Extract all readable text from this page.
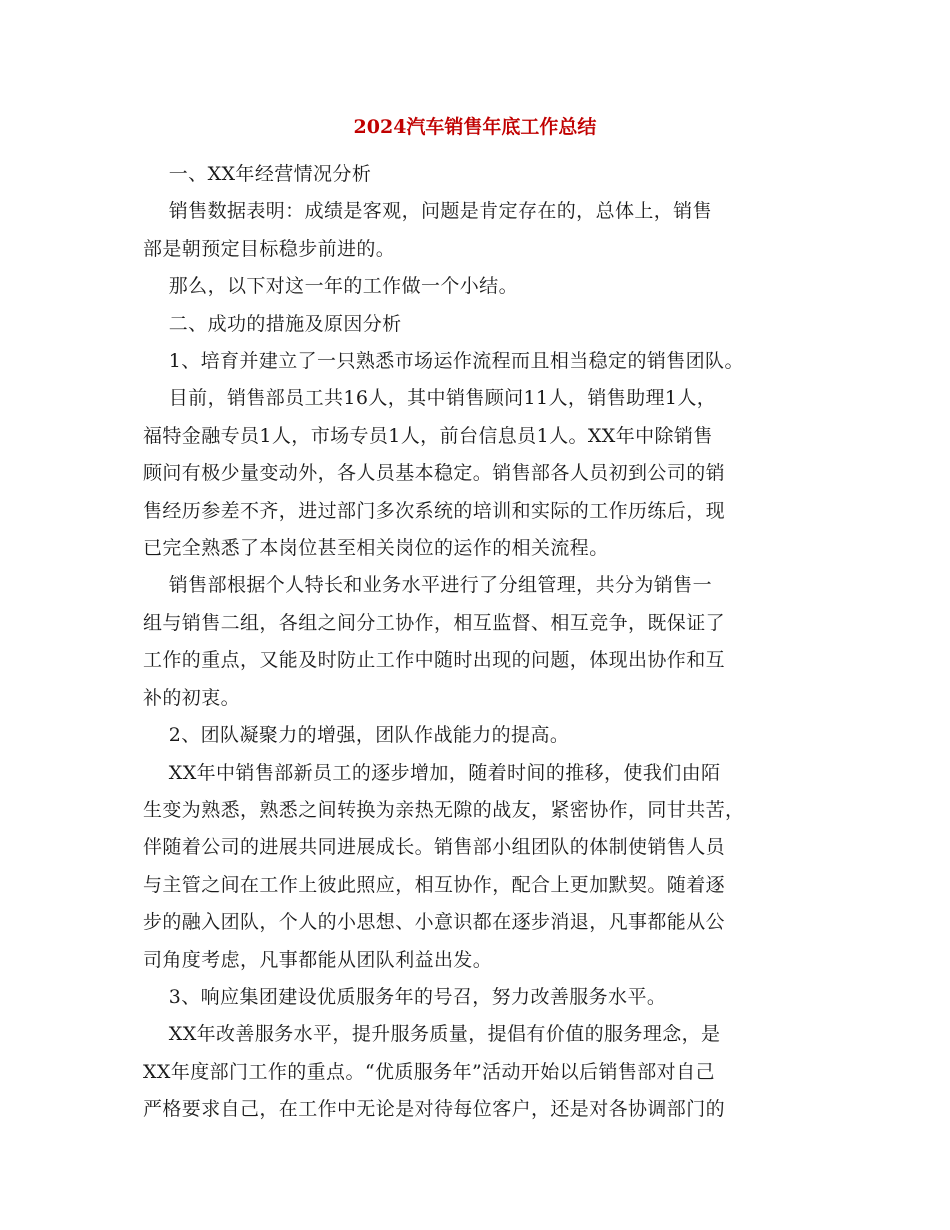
2024汽车销售年底工作总结

一、XX年经营情况分析

销售数据表明：成绩是客观，问题是肯定存在的，总体上，销售
部是朝预定目标稳步前进的。

那么，以下对这一年的工作做一个小结。

二、成功的措施及原因分析

1、培育并建立了一只熟悉市场运作流程而且相当稳定的销售团队。

目前，销售部员工共16人，其中销售顾问11人，销售助理1人，
福特金融专员1人，市场专员1人，前台信息员1人。XX年中除销售
顾问有极少量变动外，各人员基本稳定。销售部各人员初到公司的销
售经历参差不齐，进过部门多次系统的培训和实际的工作历练后，现
已完全熟悉了本岗位甚至相关岗位的运作的相关流程。

销售部根据个人特长和业务水平进行了分组管理，共分为销售一
组与销售二组，各组之间分工协作，相互监督、相互竞争，既保证了
工作的重点，又能及时防止工作中随时出现的问题，体现出协作和互
补的初衷。

2、团队凝聚力的增强，团队作战能力的提高。

XX年中销售部新员工的逐步增加，随着时间的推移，使我们由陌
生变为熟悉，熟悉之间转换为亲热无隙的战友，紧密协作，同甘共苦，
伴随着公司的进展共同进展成长。销售部小组团队的体制使销售人员
与主管之间在工作上彼此照应，相互协作，配合上更加默契。随着逐
步的融入团队，个人的小思想、小意识都在逐步消退，凡事都能从公
司角度考虑，凡事都能从团队利益出发。

3、响应集团建设优质服务年的号召，努力改善服务水平。

XX年改善服务水平，提升服务质量，提倡有价值的服务理念，是
XX年度部门工作的重点。“优质服务年”活动开始以后销售部对自己
严格要求自己，在工作中无论是对待每位客户，还是对各协调部门的
